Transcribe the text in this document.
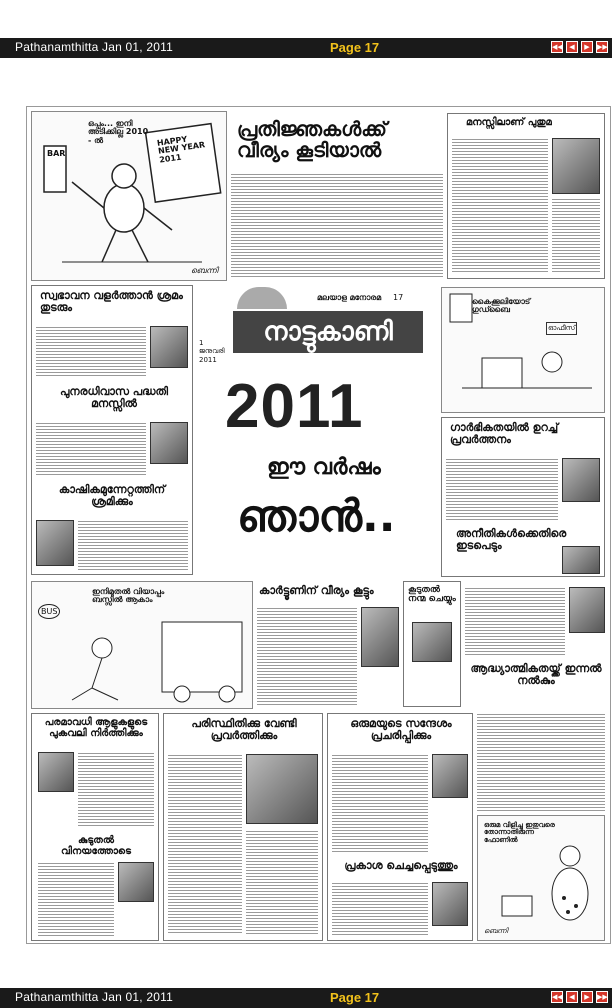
Pathanamthitta Jan 01, 2011	Page 17	◀◀ ◀	▶	▶▶
ഒപ്പം... ഇനി അടിക്കില്ല 2010 - ൽ
BAR
HAPPY NEW YEAR 2011
ബെന്നി
പ്രതിജ്ഞകൾക്ക് വീര്യം കൂടിയാൽ
മനസ്സിലാണ് പുതുമ
സ്വഭാവന വളർത്താൻ ശ്രമം തുടരും
പുനരധിവാസ പദ്ധതി മനസ്സിൽ
കാഷികമുന്നേറ്റത്തിന് ശ്രമിക്കും
മലയാള മനോരമ 17
നാട്ടുകാണി
1 ജനുവരി 2011
2011
ഈ വർഷം
ഞാൻ..
കൈക്കൂലിയോട് ഗുഡ്ബൈ
ഓഫീസ്
ഗാർഭികതയിൽ ഉറച്ച് പ്രവർത്തനം
അനീതികൾക്കെതിരെ ഇടപെടും
ഇനിമുതൽ വിയാപ്പം ബസ്സിൽ ആകാം
BUS
കാർട്ടൂണിന് വീര്യം കൂട്ടും	കൂടുതൽ നന്മ ചെയ്യും
ആദ്ധ്യാത്മികതയ്ക്ക് ഇന്നൽ നൽകും
പരമാവധി ആളുകളുടെ പുകവലി നിർത്തിക്കും
കുടുതൽ വിനയത്തോടെ
പരിസ്ഥിതിക്കു വേണ്ടി പ്രവർത്തിക്കും
ഒരുമയുടെ സന്ദേശം പ്രചരിപ്പിക്കും
പ്രകാശ ചെച്ചപ്പെടുത്തും
ഒരുമ വിളിച്ചു ഇതുവരെ തോന്നാതിരുന്ന ഫോണിൽ
ബെന്നി
Pathanamthitta Jan 01, 2011	Page 17	◀◀ ◀	▶	▶▶
